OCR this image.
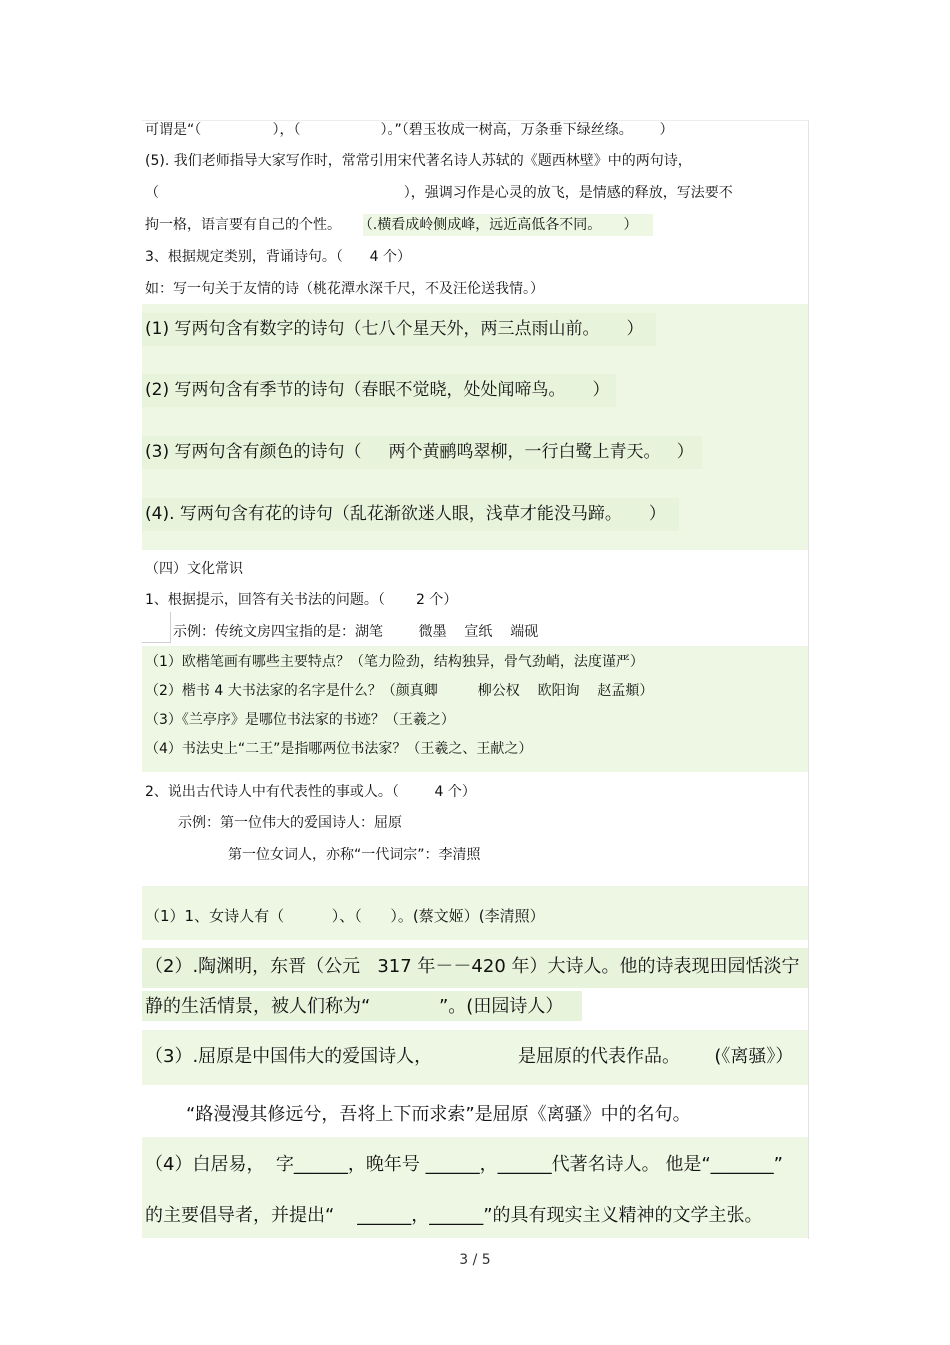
可谓是“（                ），（                  ）。”（碧玉妆成一树高，万条垂下绿丝绦。      ）
(5). 我们老师指导大家写作时，常常引用宋代著名诗人苏轼的《题西林壁》中的两句诗，
（                                                       ），强调习作是心灵的放飞，是情感的释放，写法要不
拘一格，语言要有自己的个性。    （.横看成岭侧成峰，远近高低各不同。     ）
3、根据规定类别，背诵诗句。（      4 个）
如：写一句关于友情的诗（桃花潭水深千尺，不及汪伦送我情。）
(1) 写两句含有数字的诗句（七八个星天外，两三点雨山前。     ）
(2) 写两句含有季节的诗句（春眠不觉晓，处处闻啼鸟。     ）
(3) 写两句含有颜色的诗句（     两个黄鹂鸣翠柳，一行白鹭上青天。   ）
(4). 写两句含有花的诗句（乱花渐欲迷人眼，浅草才能没马蹄。     ）
（四）文化常识
1、根据提示，回答有关书法的问题。（       2 个）
示例：传统文房四宝指的是：湖笔        微墨    宣纸    端砚
（1）欧楷笔画有哪些主要特点？（笔力险劲，结构独异，骨气劲峭，法度谨严）
（2）楷书 4 大书法家的名字是什么？（颜真卿         柳公权    欧阳询    赵孟頫）
（3）《兰亭序》是哪位书法家的书迹？（王羲之）
（4）书法史上“二王”是指哪两位书法家？（王羲之、王献之）
2、说出古代诗人中有代表性的事或人。（        4 个）
示例：第一位伟大的爱国诗人：屈原
第一位女词人，亦称“一代词宗”：李清照
（1）1、女诗人有（          ）、（      ）。(蔡文姬）(李清照）
（2）.陶渊明，东晋（公元   317 年－－420 年）大诗人。他的诗表现田园恬淡宁
静的生活情景，被人们称为“            ”。(田园诗人）
（3）.屈原是中国伟大的爱国诗人，               是屈原的代表作品。      (《离骚》）
“路漫漫其修远兮，吾将上下而求索”是屈原《离骚》中的名句。
（4）白居易，  字______，晚年号 ______，______代著名诗人。 他是“_______”
的主要倡导者，并提出“    ______，______”的具有现实主义精神的文学主张。
3 / 5
